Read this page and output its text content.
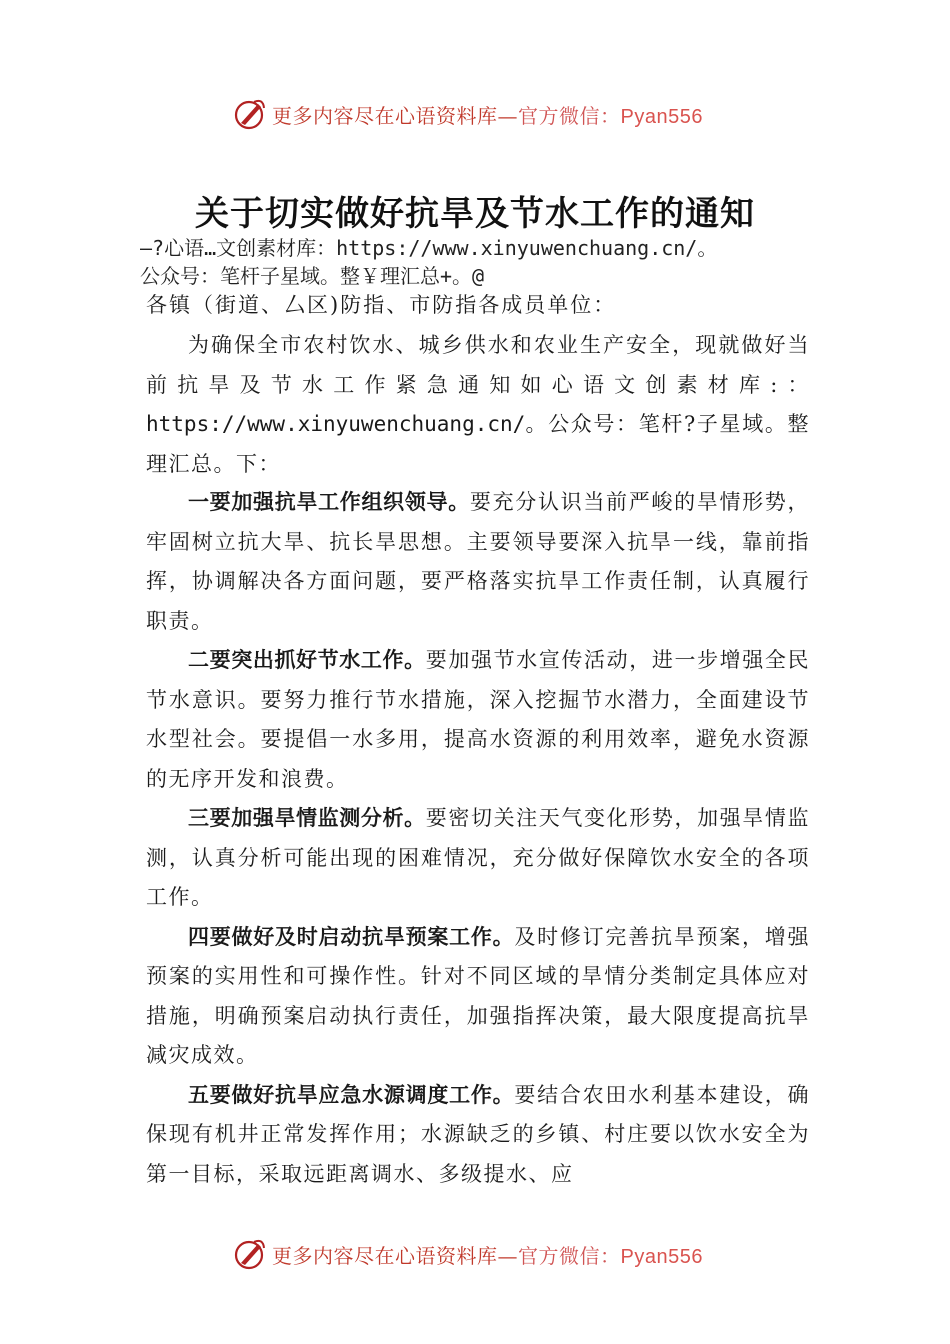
更多内容尽在心语资料库—官方微信：Pyan556
关于切实做好抗旱及节水工作的通知

—?心语…文创素材库：https://www.xinyuwenchuang.cn/。

公众号：笔杆子星域。整￥理汇总+。@

各镇（街道、厶区)防指、市防指各成员单位：

为确保全市农村饮水、城乡供水和农业生产安全，现就做好当前抗旱及节水工作紧急通知如心语文创素材库:：https://www.xinyuwenchuang.cn/。公众号：笔杆?子星域。整理汇总。下：

一要加强抗旱工作组织领导。要充分认识当前严峻的旱情形势，牢固树立抗大旱、抗长旱思想。主要领导要深入抗旱一线，靠前指挥，协调解决各方面问题，要严格落实抗旱工作责任制，认真履行职责。

二要突出抓好节水工作。要加强节水宣传活动，进一步增强全民节水意识。要努力推行节水措施，深入挖掘节水潜力，全面建设节水型社会。要提倡一水多用，提高水资源的利用效率，避免水资源的无序开发和浪费。

三要加强旱情监测分析。要密切关注天气变化形势，加强旱情监测，认真分析可能出现的困难情况，充分做好保障饮水安全的各项工作。

四要做好及时启动抗旱预案工作。及时修订完善抗旱预案，增强预案的实用性和可操作性。针对不同区域的旱情分类制定具体应对措施，明确预案启动执行责任，加强指挥决策，最大限度提高抗旱减灾成效。

五要做好抗旱应急水源调度工作。要结合农田水利基本建设，确保现有机井正常发挥作用；水源缺乏的乡镇、村庄要以饮水安全为第一目标，采取远距离调水、多级提水、应

更多内容尽在心语资料库—官方微信：Pyan556
